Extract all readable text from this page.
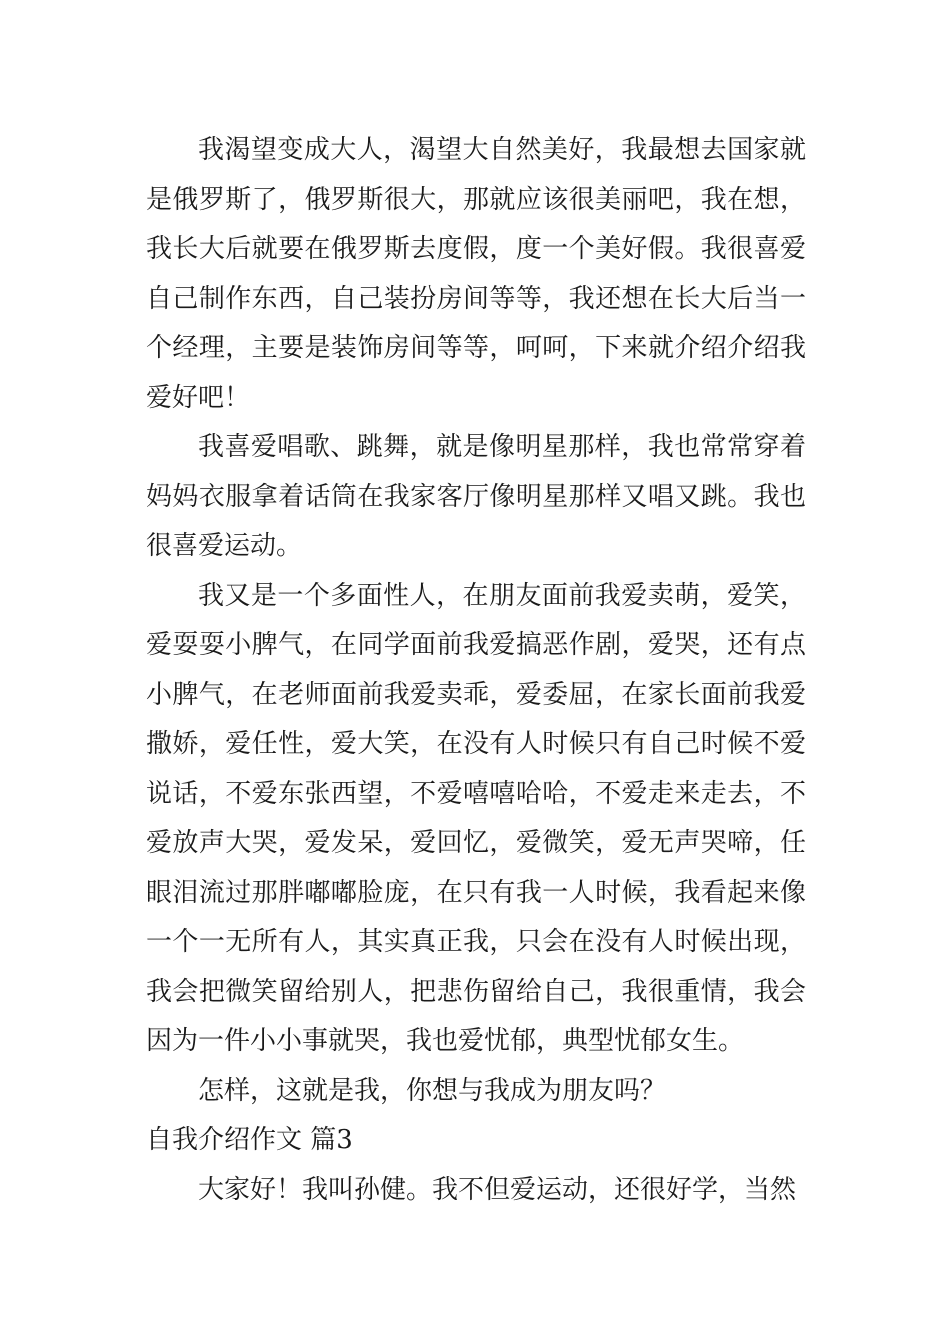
我渴望变成大人，渴望大自然美好，我最想去国家就是俄罗斯了，俄罗斯很大，那就应该很美丽吧，我在想，我长大后就要在俄罗斯去度假，度一个美好假。我很喜爱自己制作东西，自己装扮房间等等，我还想在长大后当一个经理，主要是装饰房间等等，呵呵，下来就介绍介绍我爱好吧！

我喜爱唱歌、跳舞，就是像明星那样，我也常常穿着妈妈衣服拿着话筒在我家客厅像明星那样又唱又跳。我也很喜爱运动。

我又是一个多面性人，在朋友面前我爱卖萌，爱笑，爱耍耍小脾气，在同学面前我爱搞恶作剧，爱哭，还有点小脾气，在老师面前我爱卖乖，爱委屈，在家长面前我爱撒娇，爱任性，爱大笑，在没有人时候只有自己时候不爱说话，不爱东张西望，不爱嘻嘻哈哈，不爱走来走去，不爱放声大哭，爱发呆，爱回忆，爱微笑，爱无声哭啼，任眼泪流过那胖嘟嘟脸庞，在只有我一人时候，我看起来像一个一无所有人，其实真正我，只会在没有人时候出现，我会把微笑留给别人，把悲伤留给自己，我很重情，我会因为一件小小事就哭，我也爱忧郁，典型忧郁女生。

怎样，这就是我，你想与我成为朋友吗？

自我介绍作文 篇3

大家好！我叫孙健。我不但爱运动，还很好学，当然
